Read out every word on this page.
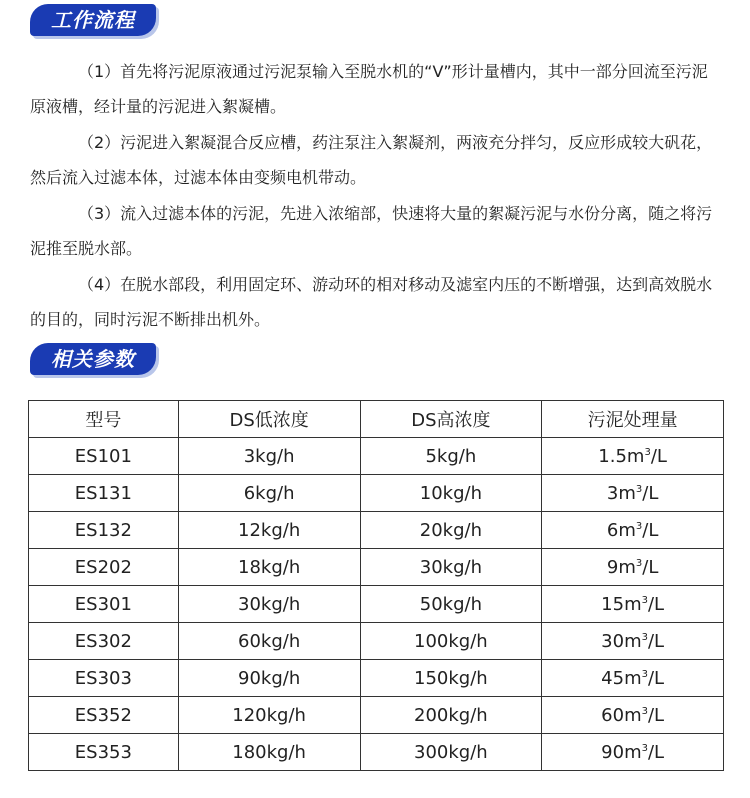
工作流程
（1）首先将污泥原液通过污泥泵输入至脱水机的“V”形计量槽内，其中一部分回流至污泥原液槽，经计量的污泥进入絮凝槽。
（2）污泥进入絮凝混合反应槽，药注泵注入絮凝剂，两液充分拌匀，反应形成较大矾花，然后流入过滤本体，过滤本体由变频电机带动。
（3）流入过滤本体的污泥，先进入浓缩部，快速将大量的絮凝污泥与水份分离，随之将污泥推至脱水部。
（4）在脱水部段，利用固定环、游动环的相对移动及滤室内压的不断增强，达到高效脱水的目的，同时污泥不断排出机外。
相关参数
型号	DS低浓度	DS高浓度	污泥处理量
ES101	3kg/h	5kg/h	$1.5m^3/L$
ES131	6kg/h	10kg/h	$3m^3/L$
ES132	12kg/h	20kg/h	$6m^3/L$
ES202	18kg/h	30kg/h	$9m^3/L$
ES301	30kg/h	50kg/h	$15m^3/L$
ES302	60kg/h	100kg/h	$30m^3/L$
ES303	90kg/h	150kg/h	$45m^3/L$
ES352	120kg/h	200kg/h	$60m^3/L$
ES353	180kg/h	300kg/h	$90m^3/L$
